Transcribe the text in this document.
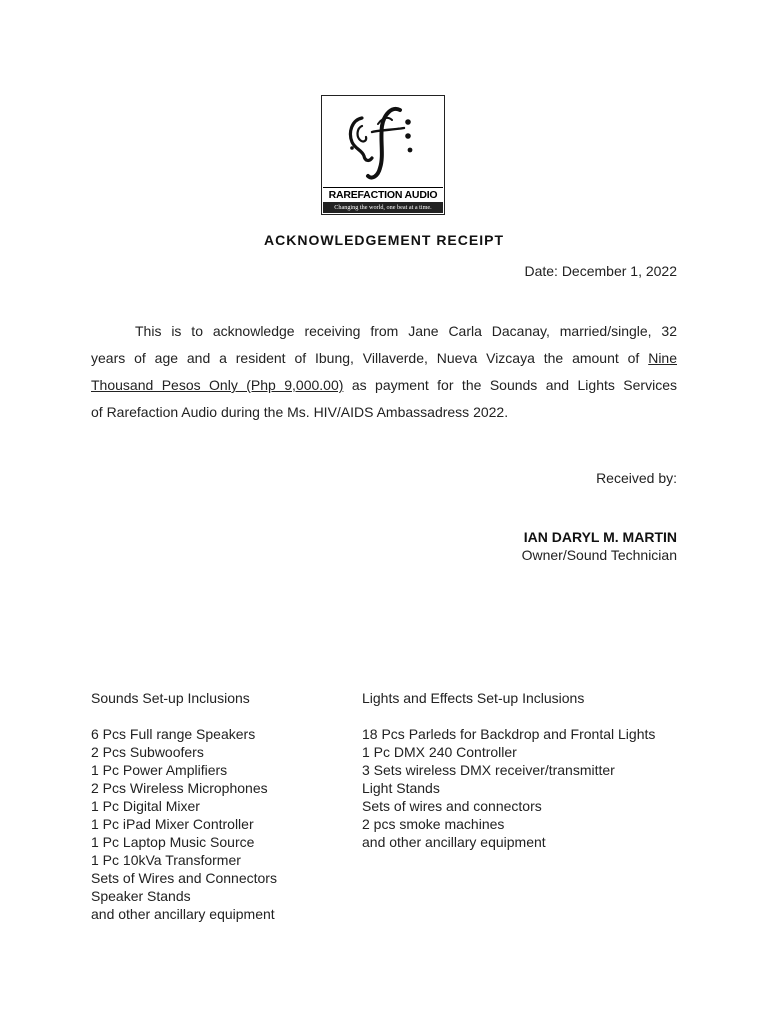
RAREFACTION AUDIO
Changing the world, one beat at a time.
ACKNOWLEDGEMENT RECEIPT
Date: December 1, 2022
This is to acknowledge receiving from Jane Carla Dacanay, married/single, 32
years of age and a resident of Ibung, Villaverde, Nueva Vizcaya the amount of Nine
Thousand Pesos Only (Php 9,000.00) as payment for the Sounds and Lights Services
of Rarefaction Audio during the Ms. HIV/AIDS Ambassadress 2022.
Received by:
IAN DARYL M. MARTIN
Owner/Sound Technician
Sounds Set-up Inclusions
6 Pcs Full range Speakers
2 Pcs Subwoofers
1 Pc Power Amplifiers
2 Pcs Wireless Microphones
1 Pc Digital Mixer
1 Pc iPad Mixer Controller
1 Pc Laptop Music Source
1 Pc 10kVa Transformer
Sets of Wires and Connectors
Speaker Stands
and other ancillary equipment
Lights and Effects Set-up Inclusions
18 Pcs Parleds for Backdrop and Frontal Lights
1 Pc DMX 240 Controller
3 Sets wireless DMX receiver/transmitter
Light Stands
Sets of wires and connectors
2 pcs smoke machines
and other ancillary equipment
